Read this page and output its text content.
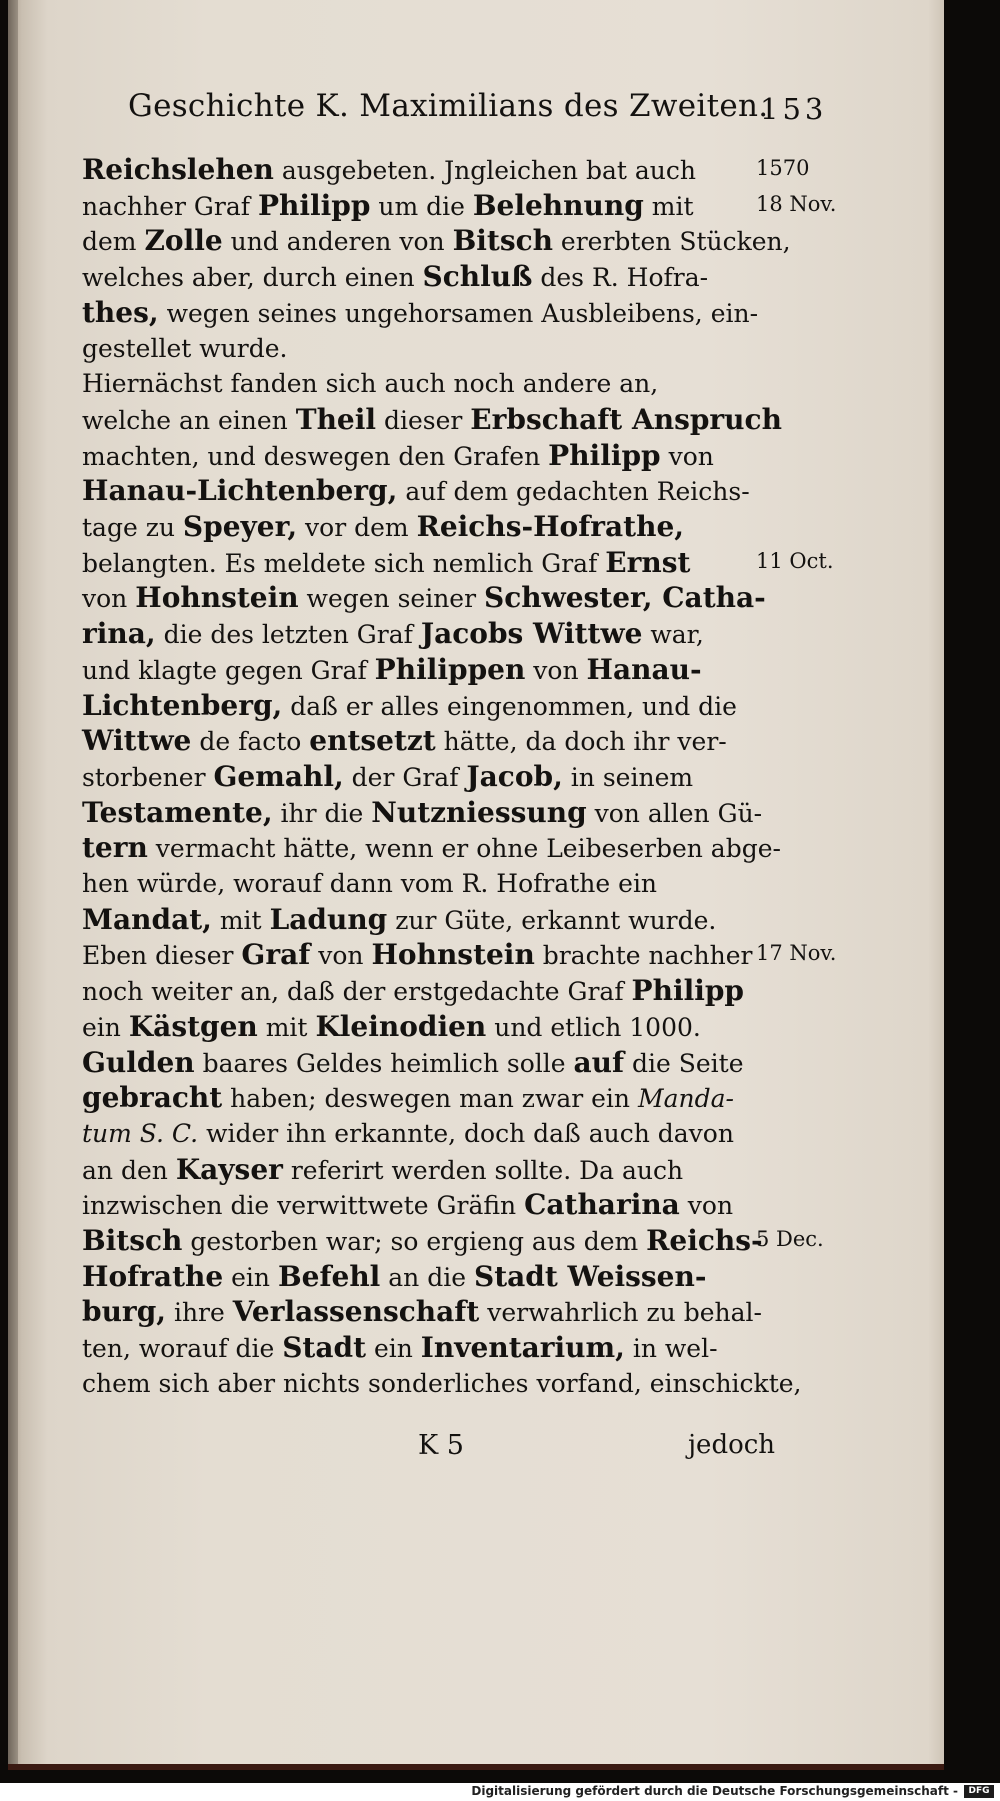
Geschichte K. Maximilians des Zweiten.
153
Reichslehen ausgebeten. Jngleichen bat auch
nachher Graf Philipp um die Belehnung mit
dem Zolle und anderen von Bitsch ererbten Stücken,
welches aber, durch einen Schluß des R. Hofra-
thes, wegen seines ungehorsamen Ausbleibens, ein-
gestellet wurde.
Hiernächst fanden sich auch noch andere an,
welche an einen Theil dieser Erbschaft Anspruch
machten, und deswegen den Grafen Philipp von
Hanau-Lichtenberg, auf dem gedachten Reichs-
tage zu Speyer, vor dem Reichs-Hofrathe,
belangten. Es meldete sich nemlich Graf Ernst
von Hohnstein wegen seiner Schwester, Catha-
rina, die des letzten Graf Jacobs Wittwe war,
und klagte gegen Graf Philippen von Hanau-
Lichtenberg, daß er alles eingenommen, und die
Wittwe de facto entsetzt hätte, da doch ihr ver-
storbener Gemahl, der Graf Jacob, in seinem
Testamente, ihr die Nutzniessung von allen Gü-
tern vermacht hätte, wenn er ohne Leibeserben abge-
hen würde, worauf dann vom R. Hofrathe ein
Mandat, mit Ladung zur Güte, erkannt wurde.
Eben dieser Graf von Hohnstein brachte nachher
noch weiter an, daß der erstgedachte Graf Philipp
ein Kästgen mit Kleinodien und etlich 1000.
Gulden baares Geldes heimlich solle auf die Seite
gebracht haben; deswegen man zwar ein Manda-
tum S. C. wider ihn erkannte, doch daß auch davon
an den Kayser referirt werden sollte. Da auch
inzwischen die verwittwete Gräfin Catharina von
Bitsch gestorben war; so ergieng aus dem Reichs-
Hofrathe ein Befehl an die Stadt Weissen-
burg, ihre Verlassenschaft verwahrlich zu behal-
ten, worauf die Stadt ein Inventarium, in wel-
chem sich aber nichts sonderliches vorfand, einschickte,
1570
18 Nov.
11 Oct.
17 Nov.
5 Dec.
K 5	jedoch
Digitalisierung gefördert durch die Deutsche Forschungsgemeinschaft -	DFG
